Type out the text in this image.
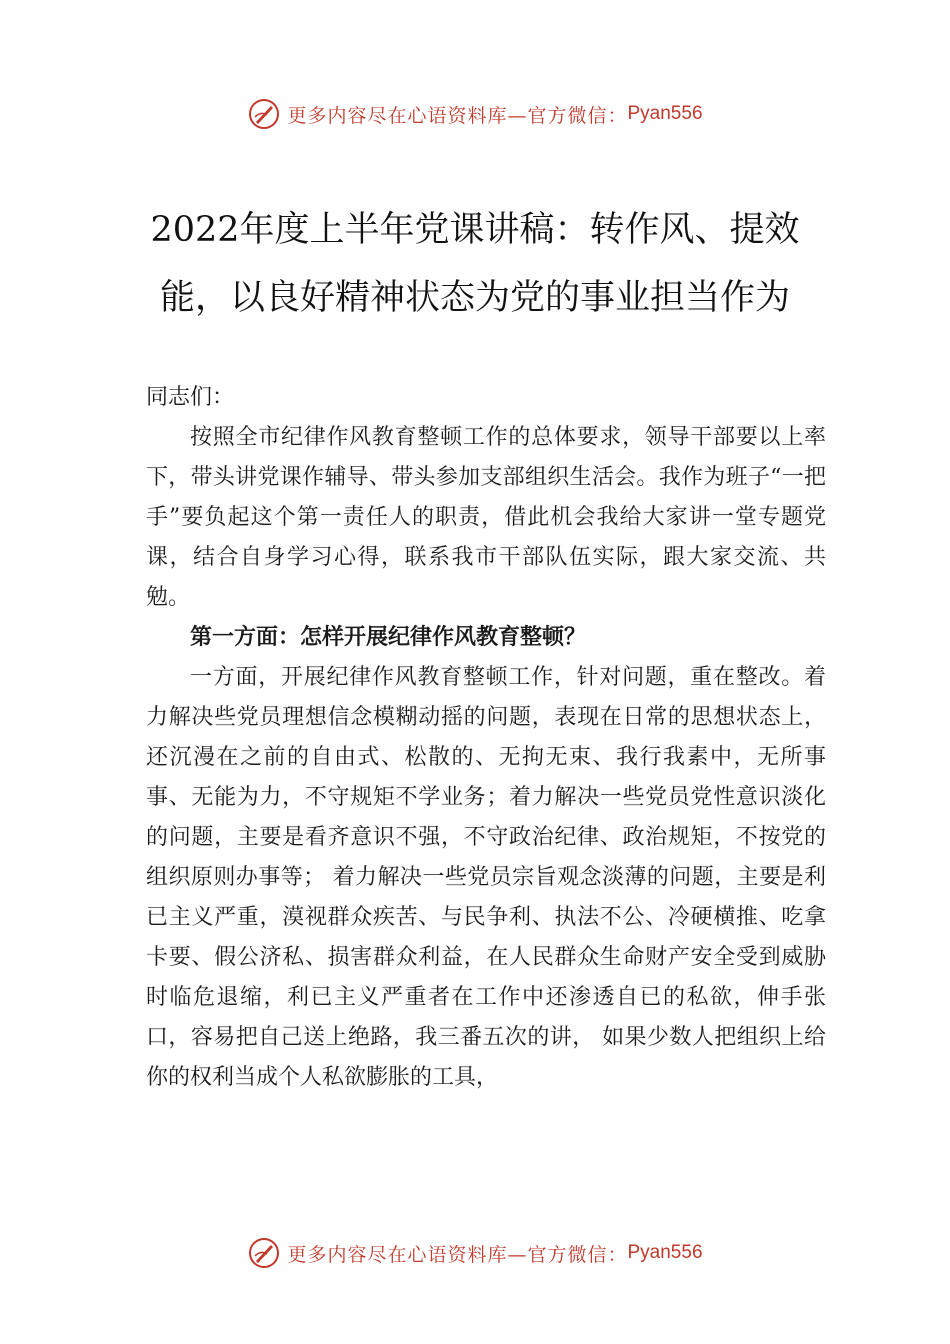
更多内容尽在心语资料库—官方微信： Pyan556
2022年度上半年党课讲稿：转作风、提效
能，以良好精神状态为党的事业担当作为

同志们：

按照全市纪律作风教育整顿工作的总体要求，领导干部要以上率下，带头讲党课作辅导、带头参加支部组织生活会。我作为班子“一把手”要负起这个第一责任人的职责，借此机会我给大家讲一堂专题党课，结合自身学习心得，联系我市干部队伍实际，跟大家交流、共勉。

第一方面：怎样开展纪律作风教育整顿？

一方面，开展纪律作风教育整顿工作，针对问题，重在整改。着力解决些党员理想信念模糊动摇的问题，表现在日常的思想状态上，还沉漫在之前的自由式、松散的、无拘无束、我行我素中，无所事事、无能为力，不守规矩不学业务；着力解决一些党员党性意识淡化的问题，主要是看齐意识不强，不守政治纪律、政治规矩，不按党的组织原则办事等； 着力解决一些党员宗旨观念淡薄的问题，主要是利已主义严重，漠视群众疾苦、与民争利、执法不公、冷硬横推、吃拿卡要、假公济私、损害群众利益，在人民群众生命财产安全受到威胁时临危退缩，利已主义严重者在工作中还渗透自已的私欲，伸手张口，容易把自己送上绝路，我三番五次的讲， 如果少数人把组织上给你的权利当成个人私欲膨胀的工具，

更多内容尽在心语资料库—官方微信： Pyan556
